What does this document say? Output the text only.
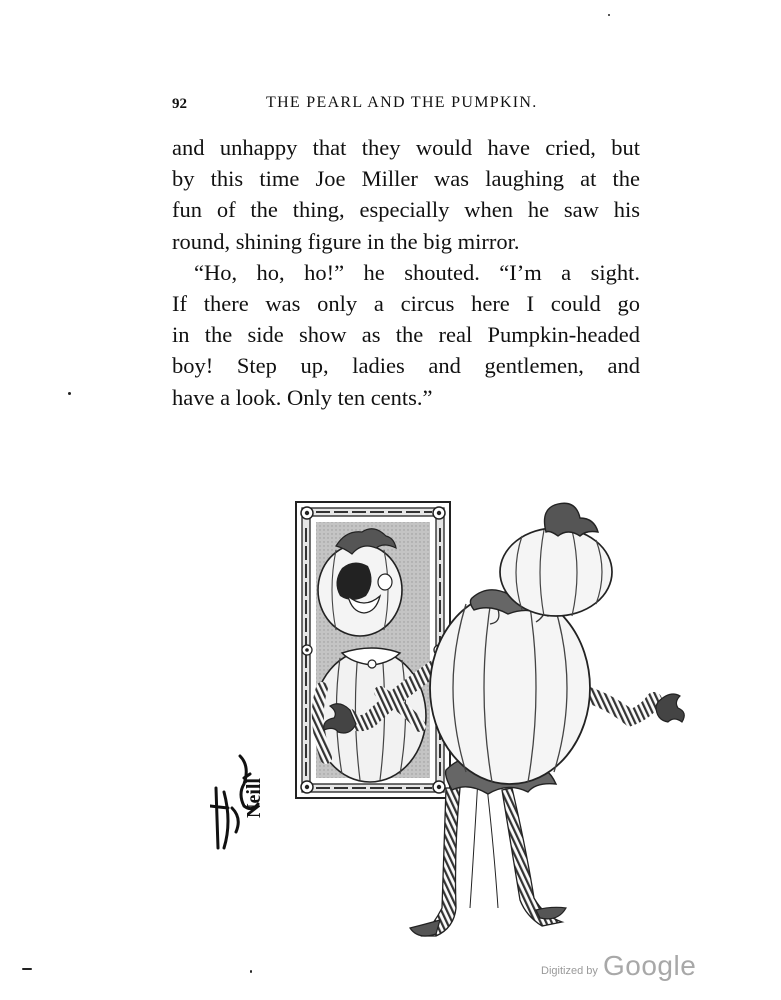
92	THE PEARL AND THE PUMPKIN.
and unhappy that they would have cried, but
by this time Joe Miller was laughing at the
fun of the thing, especially when he saw his
round, shining figure in the big mirror.
“Ho, ho, ho!” he shouted. “I’m a sight.
If there was only a circus here I could go
in the side show as the real Pumpkin-headed
boy! Step up, ladies and gentlemen, and
have a look. Only ten cents.”
Neill
Digitized by Google
